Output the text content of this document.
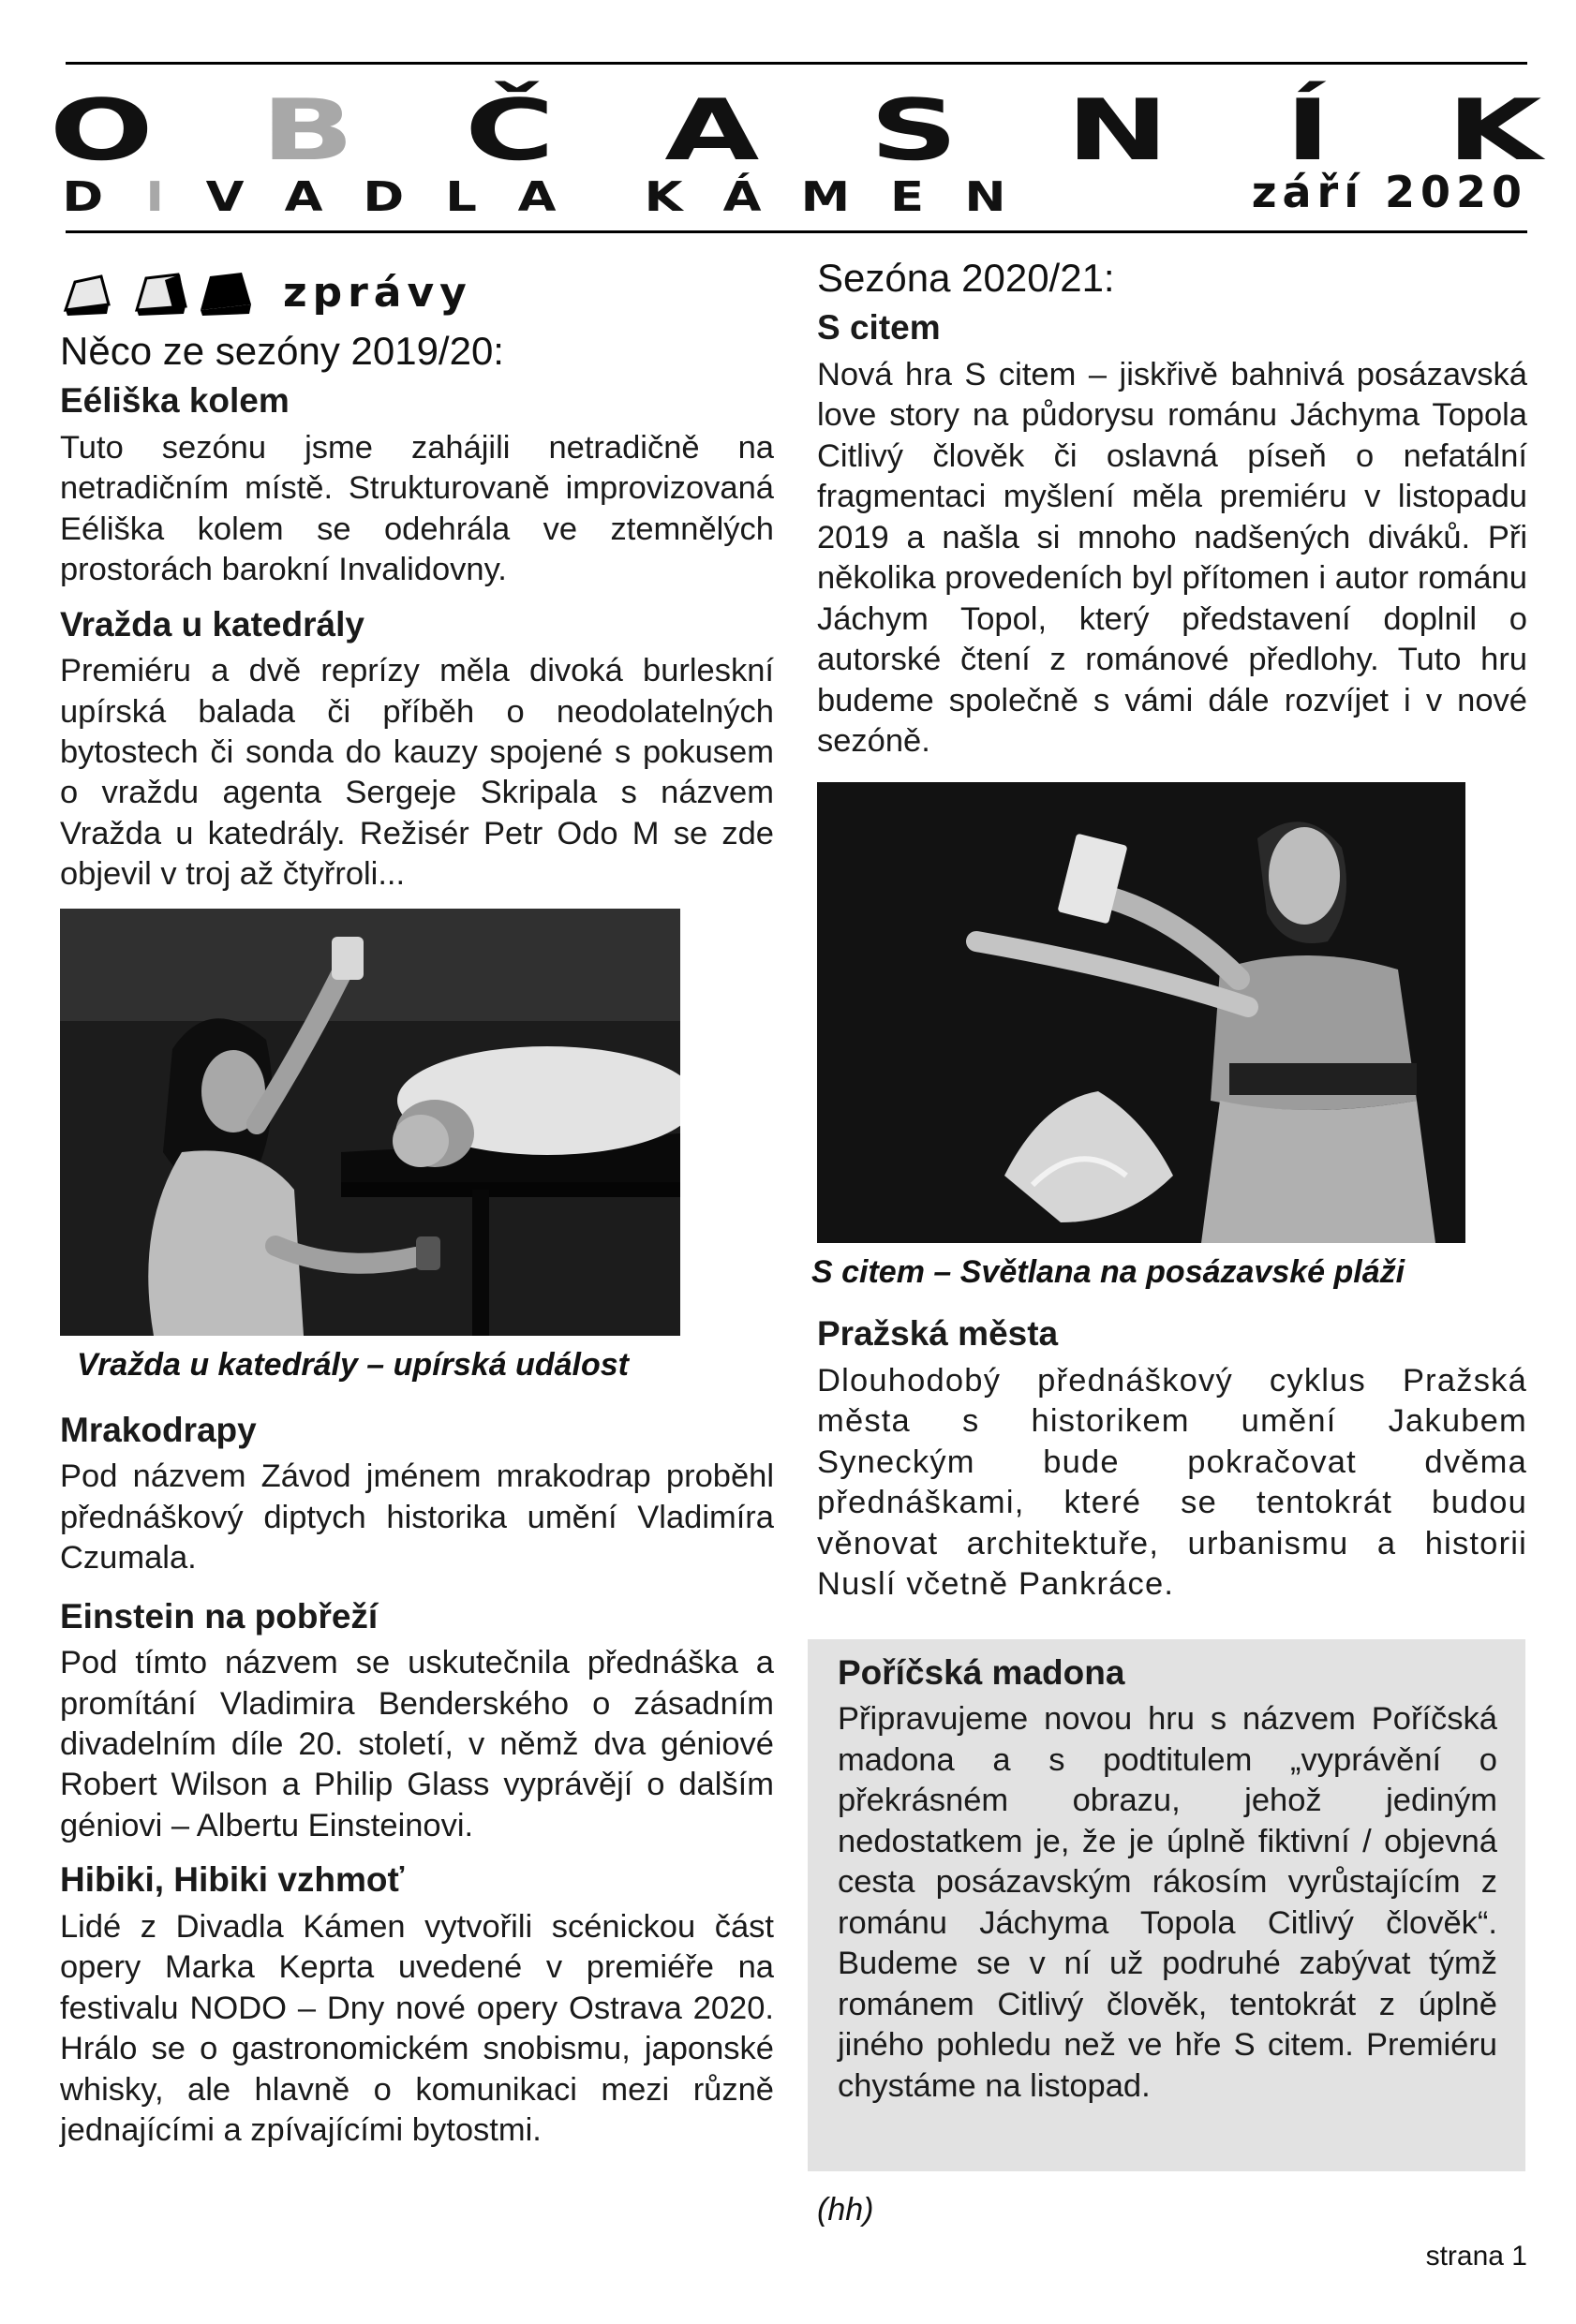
O B Č A S N Í K
D I V A D L A K Á M E N	září 2020
zprávy
Něco ze sezóny 2019/20:
Eéliška kolem

Tuto sezónu jsme zahájili netradičně na netradičním místě. Strukturovaně improvizovaná Eéliška kolem se odehrála ve ztemnělých prostorách barokní Invalidovny.

Vražda u katedrály

Premiéru a dvě reprízy měla divoká burleskní upírská balada či příběh o neodolatelných bytostech či sonda do kauzy spojené s pokusem o vraždu agenta Sergeje Skripala s názvem Vražda u katedrály. Režisér Petr Odo M se zde objevil v troj až čtyřroli...

Vražda u katedrály – upírská událost
Mrakodrapy

Pod názvem Závod jménem mrakodrap proběhl přednáškový diptych historika umění Vladimíra Czumala.

Einstein na pobřeží

Pod tímto názvem se uskutečnila přednáška a promítání Vladimira Benderského o zásadním divadelním díle 20. století, v němž dva géniové Robert Wilson a Philip Glass vyprávějí o dalším géniovi – Albertu Einsteinovi.

Hibiki, Hibiki vzhmoť

Lidé z Divadla Kámen vytvořili scénickou část opery Marka Keprta uvedené v premiéře na festivalu NODO – Dny nové opery Ostrava 2020. Hrálo se o gastronomickém snobismu, japonské whisky, ale hlavně o komunikaci mezi různě jednajícími a zpívajícími bytostmi.

Sezóna 2020/21:
S citem

Nová hra S citem – jiskřivě bahnivá posázavská love story na půdorysu románu Jáchyma Topola Citlivý člověk či oslavná píseň o nefatální fragmentaci myšlení měla premiéru v listopadu 2019 a našla si mnoho nadšených diváků. Při několika provedeních byl přítomen i autor románu Jáchym Topol, který představení doplnil o autorské čtení z románové předlohy. Tuto hru budeme společně s vámi dále rozvíjet i v nové sezóně.

S citem – Světlana na posázavské pláži
Pražská města

Dlouhodobý přednáškový cyklus Pražská města s historikem umění Jakubem Syneckým bude pokračovat dvěma přednáškami, které se tentokrát budou věnovat architektuře, urbanismu a historii Nuslí včetně Pankráce.

Poříčská madona

Připravujeme novou hru s názvem Poříčská madona a s podtitulem „vyprávění o překrásném obrazu, jehož jediným nedostatkem je, že je úplně fiktivní / objevná cesta posázavským rákosím vyrůstajícím z románu Jáchyma Topola Citlivý člověk“. Budeme se v ní už podruhé zabývat týmž románem Citlivý člověk, tentokrát z úplně jiného pohledu než ve hře S citem. Premiéru chystáme na listopad.

(hh)
strana 1
